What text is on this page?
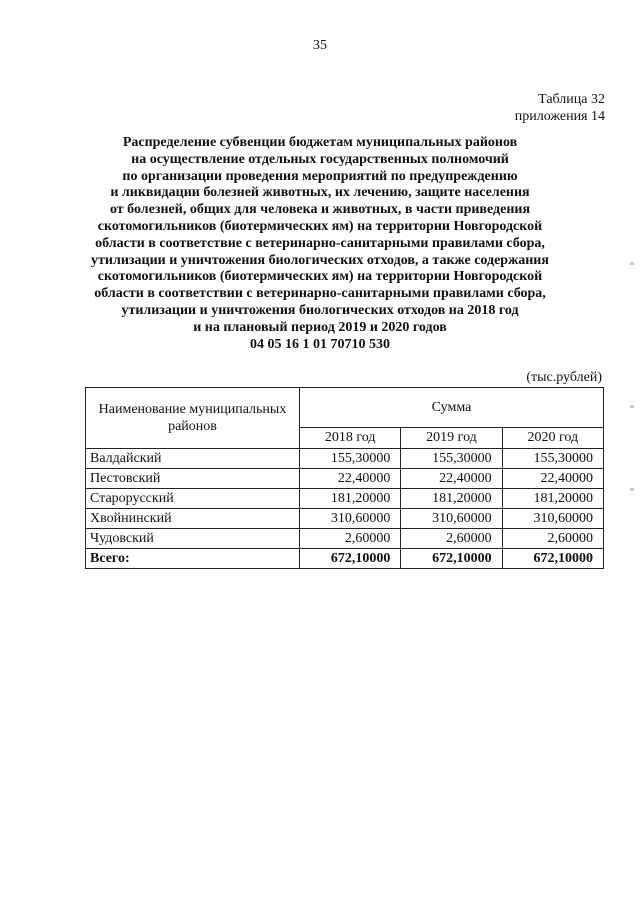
35
Таблица 32
приложения 14
Распределение субвенции бюджетам муниципальных районов
на осуществление отдельных государственных полномочий
по организации проведения мероприятий по предупреждению
и ликвидации болезней животных, их лечению, защите населения
от болезней, общих для человека и животных, в части приведения
скотомогильников (биотермических ям) на территории Новгородской
области в соответствие с ветеринарно-санитарными правилами сбора,
утилизации и уничтожения биологических отходов, а также содержания
скотомогильников (биотермических ям) на территории Новгородской
области в соответствии с ветеринарно-санитарными правилами сбора,
утилизации и уничтожения биологических отходов на 2018 год
и на плановый период 2019 и 2020 годов
04 05 16 1 01 70710 530
(тыс.рублей)
Наименование муниципальных районов	Сумма		
	2018 год	2019 год	2020 год
Валдайский	155,30000	155,30000	155,30000
Пестовский	22,40000	22,40000	22,40000
Старорусский	181,20000	181,20000	181,20000
Хвойнинский	310,60000	310,60000	310,60000
Чудовский	2,60000	2,60000	2,60000
Всего:	672,10000	672,10000	672,10000
